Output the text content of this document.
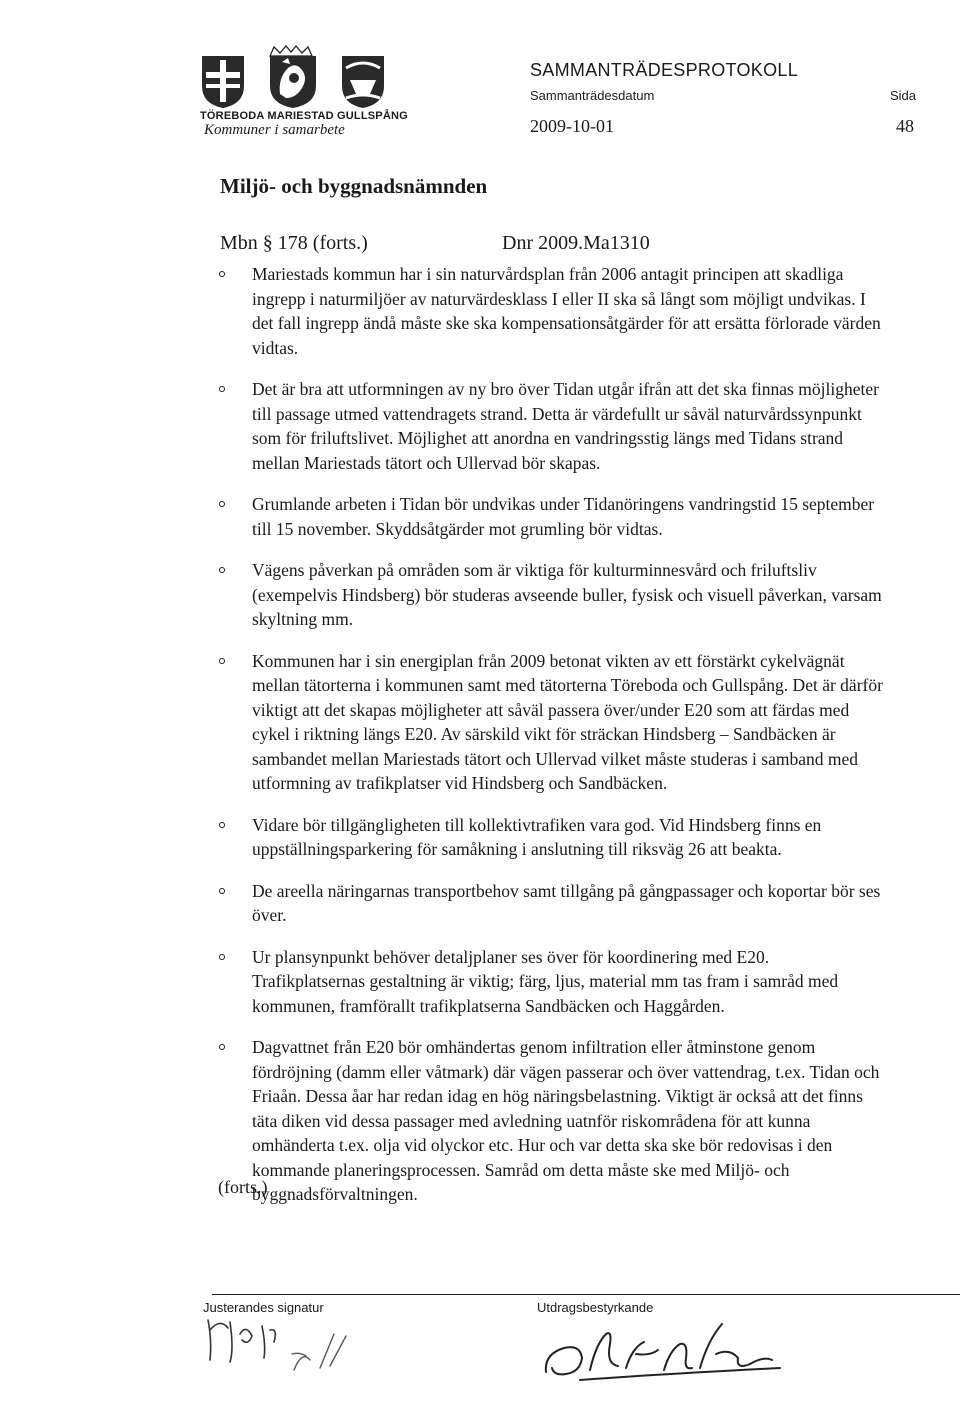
TÖREBODA MARIESTAD GULLSPÅNG
Kommuner i samarbete
SAMMANTRÄDESPROTOKOLL
Sammanträdesdatum
2009-10-01
Sida
48
Miljö- och byggnadsnämnden
Mbn § 178 (forts.)	Dnr 2009.Ma1310
Mariestads kommun har i sin naturvårdsplan från 2006 antagit principen att skadliga ingrepp i naturmiljöer av naturvärdesklass I eller II ska så långt som möjligt undvikas. I det fall ingrepp ändå måste ske ska kompensationsåtgärder för att ersätta förlorade värden vidtas.
Det är bra att utformningen av ny bro över Tidan utgår ifrån att det ska finnas möjligheter till passage utmed vattendragets strand. Detta är värdefullt ur såväl naturvårdssynpunkt som för friluftslivet. Möjlighet att anordna en vandringsstig längs med Tidans strand mellan Mariestads tätort och Ullervad bör skapas.
Grumlande arbeten i Tidan bör undvikas under Tidanöringens vandringstid 15 september till 15 november. Skyddsåtgärder mot grumling bör vidtas.
Vägens påverkan på områden som är viktiga för kulturminnesvård och friluftsliv (exempelvis Hindsberg) bör studeras avseende buller, fysisk och visuell påverkan, varsam skyltning mm.
Kommunen har i sin energiplan från 2009 betonat vikten av ett förstärkt cykelvägnät mellan tätorterna i kommunen samt med tätorterna Töreboda och Gullspång. Det är därför viktigt att det skapas möjligheter att såväl passera över/under E20 som att färdas med cykel i riktning längs E20. Av särskild vikt för sträckan Hindsberg – Sandbäcken är sambandet mellan Mariestads tätort och Ullervad vilket måste studeras i samband med utformning av trafikplatser vid Hindsberg och Sandbäcken.
Vidare bör tillgängligheten till kollektivtrafiken vara god. Vid Hindsberg finns en uppställningsparkering för samåkning i anslutning till riksväg 26 att beakta.
De areella näringarnas transportbehov samt tillgång på gångpassager och koportar bör ses över.
Ur plansynpunkt behöver detaljplaner ses över för koordinering med E20. Trafikplatsernas gestaltning är viktig; färg, ljus, material mm tas fram i samråd med kommunen, framförallt trafikplatserna Sandbäcken och Haggården.
Dagvattnet från E20 bör omhändertas genom infiltration eller åtminstone genom fördröjning (damm eller våtmark) där vägen passerar och över vattendrag, t.ex. Tidan och Friaån. Dessa åar har redan idag en hög näringsbelastning. Viktigt är också att det finns täta diken vid dessa passager med avledning uatnför riskområdena för att kunna omhänderta t.ex. olja vid olyckor etc. Hur och var detta ska ske bör redovisas i den kommande planeringsprocessen. Samråd om detta måste ske med Miljö- och byggnadsförvaltningen.
(forts.)
Justerandes signatur	Utdragsbestyrkande
